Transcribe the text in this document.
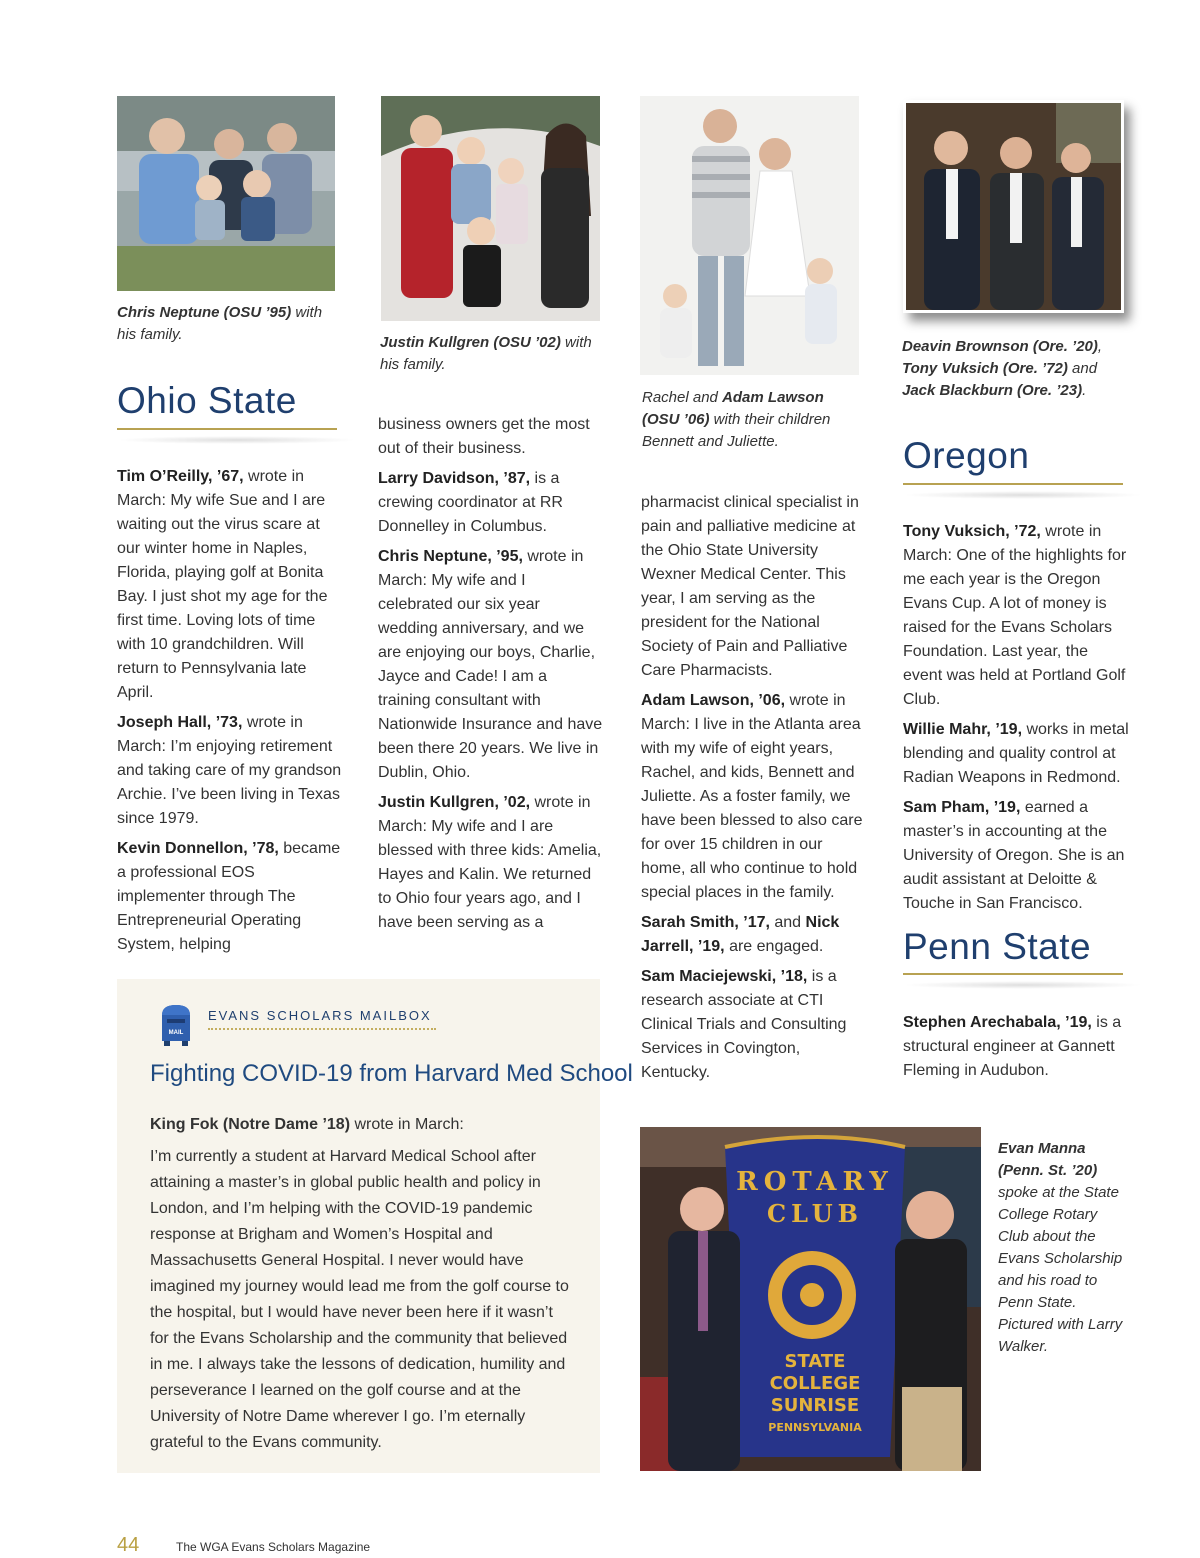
Chris Neptune (OSU ’95) with his family.	Justin Kullgren (OSU ’02) with his family.
Rachel and Adam Lawson (OSU ’06) with their children Bennett and Juliette.
Deavin Brownson (Ore. ’20), Tony Vuksich (Ore. ’72) and Jack Blackburn (Ore. ’23).
Ohio State
Oregon
Penn State

Tim O’Reilly, ’67, wrote in March: My wife Sue and I are waiting out the virus scare at our winter home in Naples, Florida, playing golf at Bonita Bay. I just shot my age for the first time. Loving lots of time with 10 grandchildren. Will return to Pennsylvania late April.

Joseph Hall, ’73, wrote in March: I’m enjoying retirement and taking care of my grandson Archie. I’ve been living in Texas since 1979.

Kevin Donnellon, ’78, became a professional EOS implementer through The Entrepreneurial Operating System, helping

business owners get the most out of their business.

Larry Davidson, ’87, is a crewing coordinator at RR Donnelley in Columbus.

Chris Neptune, ’95, wrote in March: My wife and I celebrated our six year wedding anniversary, and we are enjoying our boys, Charlie, Jayce and Cade! I am a training consultant with Nationwide Insurance and have been there 20 years. We live in Dublin, Ohio.

Justin Kullgren, ’02, wrote in March: My wife and I are blessed with three kids: Amelia, Hayes and Kalin. We returned to Ohio four years ago, and I have been serving as a

pharmacist clinical specialist in pain and palliative medicine at the Ohio State University Wexner Medical Center. This year, I am serving as the president for the National Society of Pain and Palliative Care Pharmacists.

Adam Lawson, ’06, wrote in March: I live in the Atlanta area with my wife of eight years, Rachel, and kids, Bennett and Juliette. As a foster family, we have been blessed to also care for over 15 children in our home, all who continue to hold special places in the family.

Sarah Smith, ’17, and Nick Jarrell, ’19, are engaged.

Sam Maciejewski, ’18, is a research associate at CTI Clinical Trials and Consulting Services in Covington, Kentucky.

Tony Vuksich, ’72, wrote in March: One of the highlights for me each year is the Oregon Evans Cup. A lot of money is raised for the Evans Scholars Foundation. Last year, the event was held at Portland Golf Club.

Willie Mahr, ’19, works in metal blending and quality control at Radian Weapons in Redmond.

Sam Pham, ’19, earned a master’s in accounting at the University of Oregon. She is an audit assistant at Deloitte & Touche in San Francisco.

Stephen Arechabala, ’19, is a structural engineer at Gannett Fleming in Audubon.

MAIL
EVANS SCHOLARS MAILBOX
Fighting COVID-19 from Harvard Med School

King Fok (Notre Dame ’18) wrote in March:

I’m currently a student at Harvard Medical School after attaining a master’s in global public health and policy in London, and I’m helping with the COVID-19 pandemic response at Brigham and Women’s Hospital and Massachusetts General Hospital. I never would have imagined my journey would lead me from the golf course to the hospital, but I would have never been here if it wasn’t for the Evans Scholarship and the community that believed in me. I always take the lessons of dedication, humility and perseverance I learned on the golf course and at the University of Notre Dame wherever I go. I’m eternally grateful to the Evans community.

ROTARY
CLUB
STATE
COLLEGE
SUNRISE
PENNSYLVANIA
Evan Manna (Penn. St. ’20) spoke at the State College Rotary Club about the Evans Scholarship and his road to Penn State. Pictured with Larry Walker.
44	The WGA Evans Scholars Magazine
